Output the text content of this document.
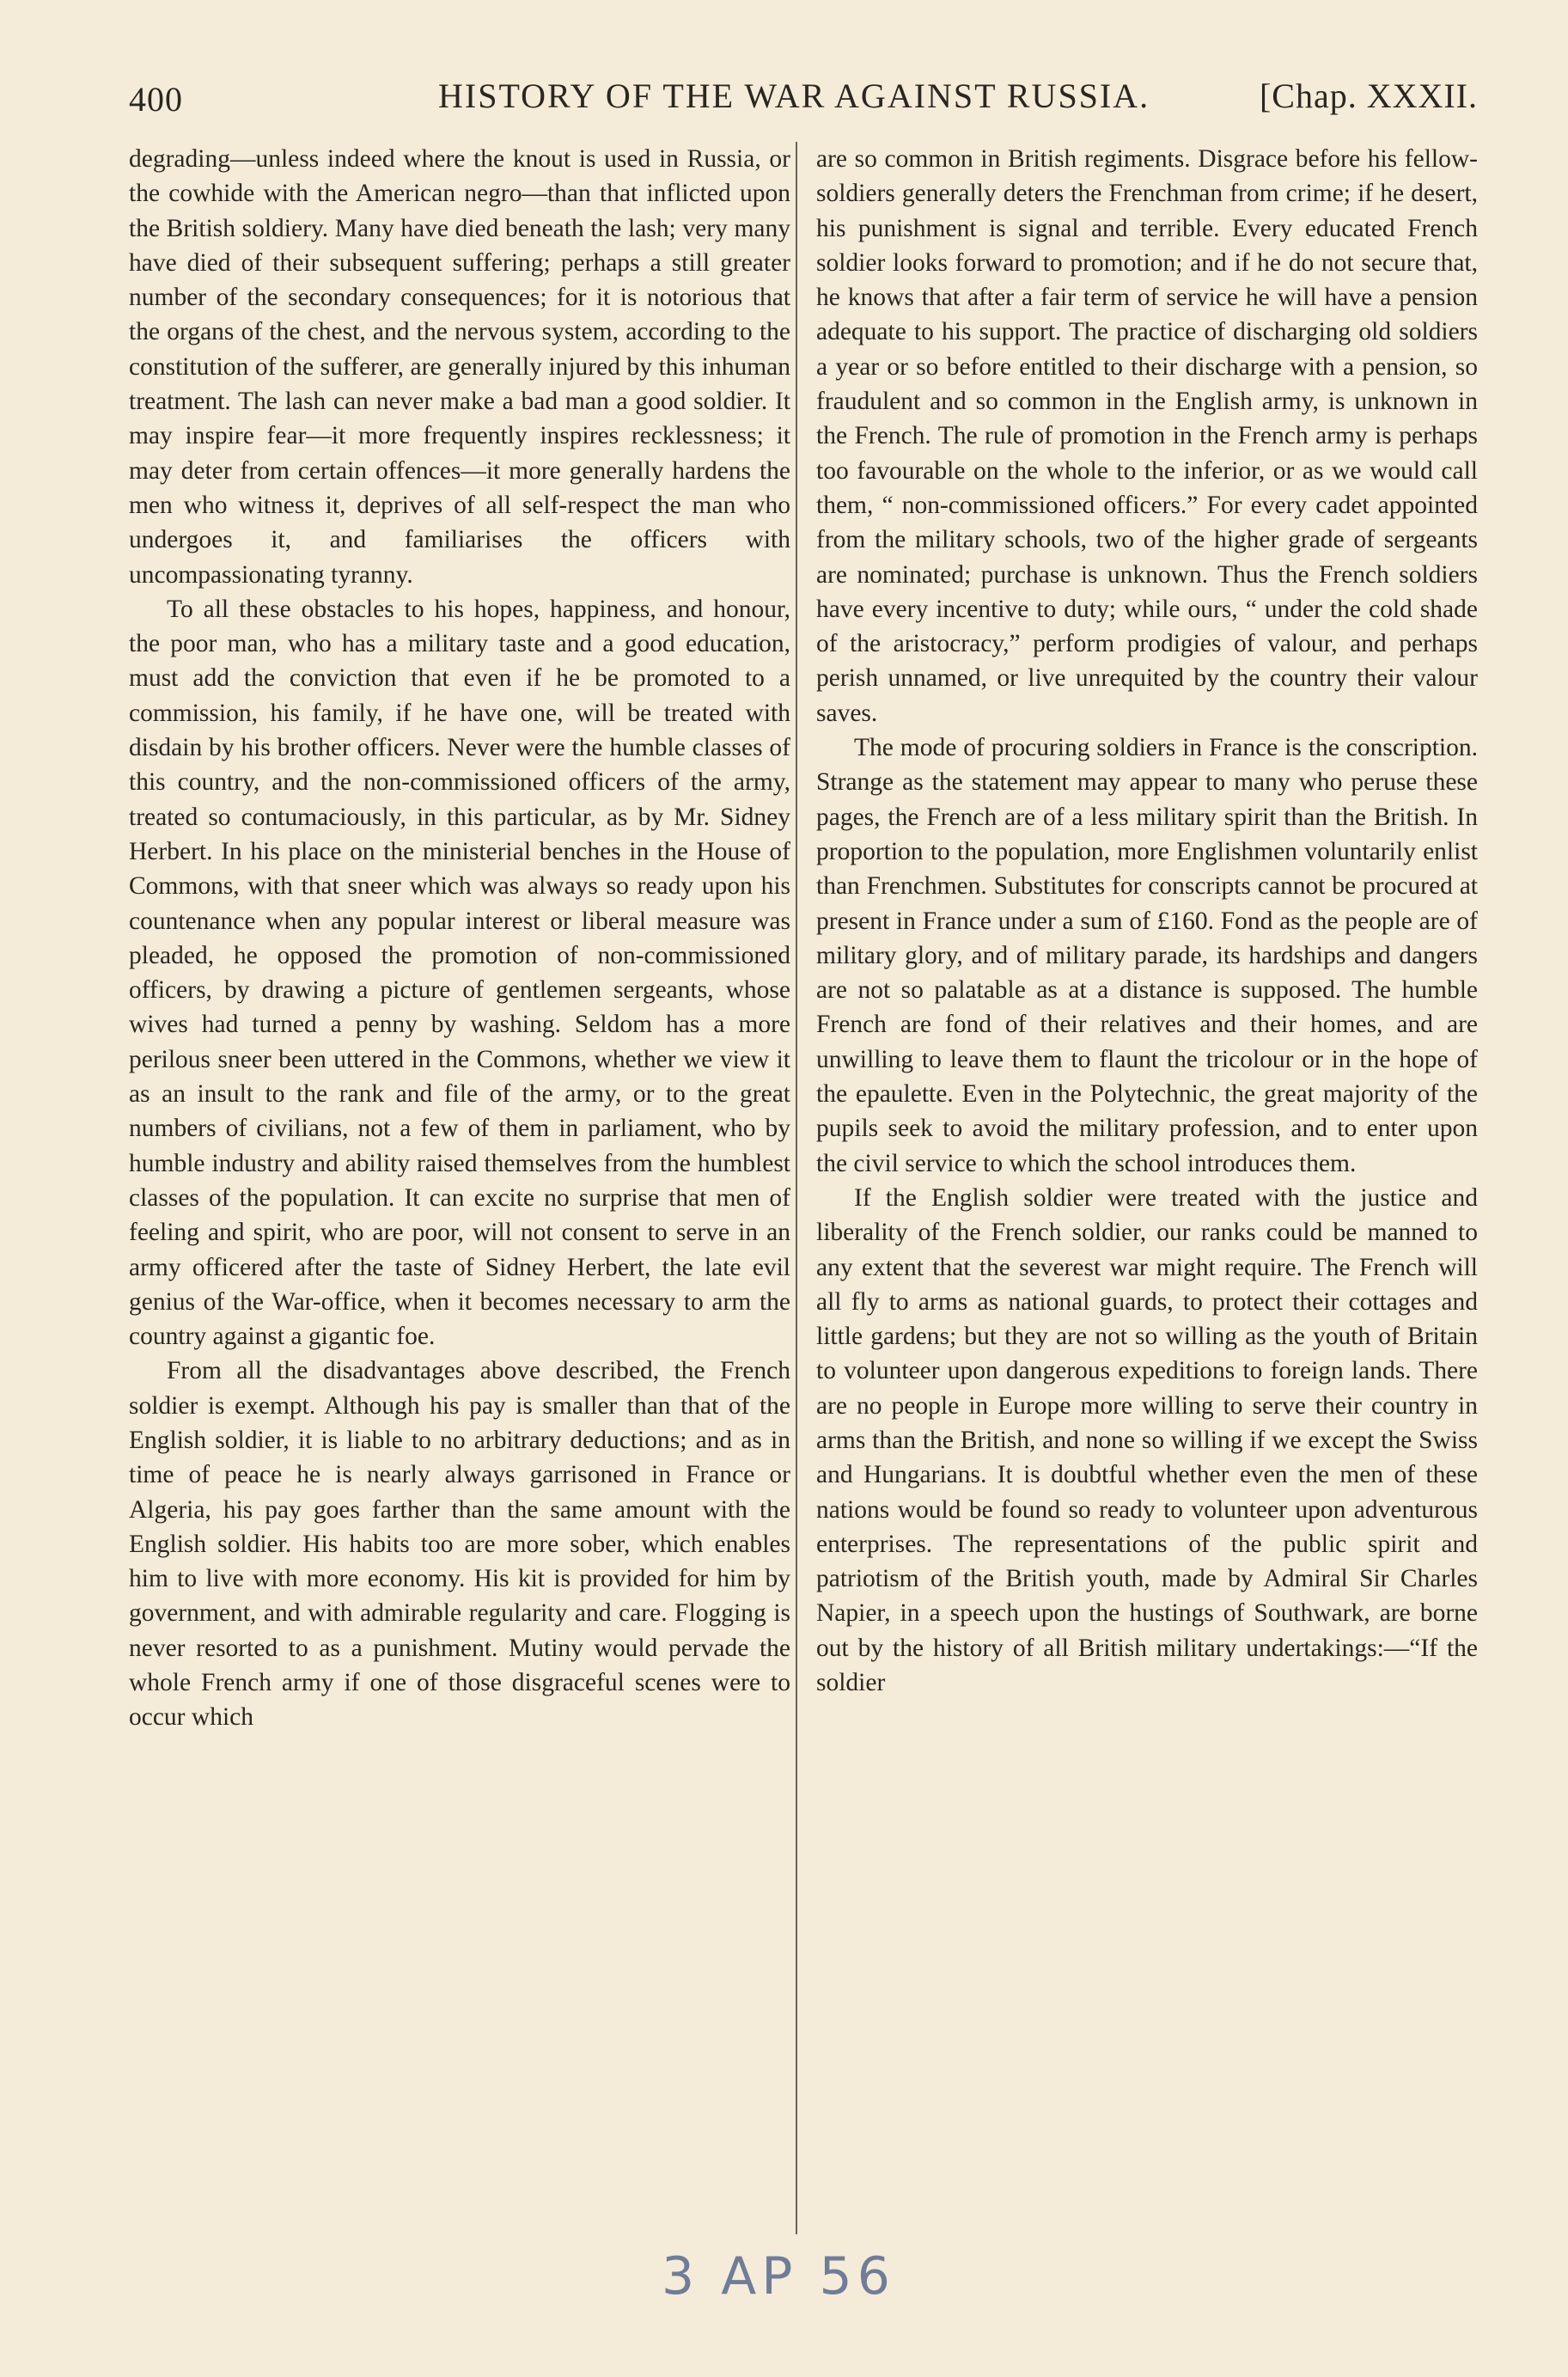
400	HISTORY OF THE WAR AGAINST RUSSIA.	[Chap. XXXII.

degrading—unless indeed where the knout is used in Russia, or the cowhide with the American negro—than that inflicted upon the British soldiery. Many have died beneath the lash; very many have died of their subsequent suffering; perhaps a still greater number of the secondary consequences; for it is notorious that the organs of the chest, and the nervous system, according to the constitution of the sufferer, are generally injured by this inhuman treatment. The lash can never make a bad man a good soldier. It may inspire fear—it more frequently inspires recklessness; it may deter from certain offences—it more generally hardens the men who witness it, deprives of all self-respect the man who undergoes it, and familiarises the officers with uncompassionating tyranny.

To all these obstacles to his hopes, happiness, and honour, the poor man, who has a military taste and a good education, must add the conviction that even if he be promoted to a commission, his family, if he have one, will be treated with disdain by his brother officers. Never were the humble classes of this country, and the non-commissioned officers of the army, treated so contumaciously, in this particular, as by Mr. Sidney Herbert. In his place on the ministerial benches in the House of Commons, with that sneer which was always so ready upon his countenance when any popular interest or liberal measure was pleaded, he opposed the promotion of non-commissioned officers, by drawing a picture of gentlemen sergeants, whose wives had turned a penny by washing. Seldom has a more perilous sneer been uttered in the Commons, whether we view it as an insult to the rank and file of the army, or to the great numbers of civilians, not a few of them in parliament, who by humble industry and ability raised themselves from the humblest classes of the population. It can excite no surprise that men of feeling and spirit, who are poor, will not consent to serve in an army officered after the taste of Sidney Herbert, the late evil genius of the War-office, when it becomes necessary to arm the country against a gigantic foe.

From all the disadvantages above described, the French soldier is exempt. Although his pay is smaller than that of the English soldier, it is liable to no arbitrary deductions; and as in time of peace he is nearly always garrisoned in France or Algeria, his pay goes farther than the same amount with the English soldier. His habits too are more sober, which enables him to live with more economy. His kit is provided for him by government, and with admirable regularity and care. Flogging is never resorted to as a punishment. Mutiny would pervade the whole French army if one of those disgraceful scenes were to occur which

are so common in British regiments. Disgrace before his fellow-soldiers generally deters the Frenchman from crime; if he desert, his punishment is signal and terrible. Every educated French soldier looks forward to promotion; and if he do not secure that, he knows that after a fair term of service he will have a pension adequate to his support. The practice of discharging old soldiers a year or so before entitled to their discharge with a pension, so fraudulent and so common in the English army, is unknown in the French. The rule of promotion in the French army is perhaps too favourable on the whole to the inferior, or as we would call them, “ non-commissioned officers.” For every cadet appointed from the military schools, two of the higher grade of sergeants are nominated; purchase is unknown. Thus the French soldiers have every incentive to duty; while ours, “ under the cold shade of the aristocracy,” perform prodigies of valour, and perhaps perish unnamed, or live unrequited by the country their valour saves.

The mode of procuring soldiers in France is the conscription. Strange as the statement may appear to many who peruse these pages, the French are of a less military spirit than the British. In proportion to the population, more Englishmen voluntarily enlist than Frenchmen. Substitutes for conscripts cannot be procured at present in France under a sum of £160. Fond as the people are of military glory, and of military parade, its hardships and dangers are not so palatable as at a distance is supposed. The humble French are fond of their relatives and their homes, and are unwilling to leave them to flaunt the tricolour or in the hope of the epaulette. Even in the Polytechnic, the great majority of the pupils seek to avoid the military profession, and to enter upon the civil service to which the school introduces them.

If the English soldier were treated with the justice and liberality of the French soldier, our ranks could be manned to any extent that the severest war might require. The French will all fly to arms as national guards, to protect their cottages and little gardens; but they are not so willing as the youth of Britain to volunteer upon dangerous expeditions to foreign lands. There are no people in Europe more willing to serve their country in arms than the British, and none so willing if we except the Swiss and Hungarians. It is doubtful whether even the men of these nations would be found so ready to volunteer upon adventurous enterprises. The representations of the public spirit and patriotism of the British youth, made by Admiral Sir Charles Napier, in a speech upon the hustings of Southwark, are borne out by the history of all British military undertakings:—“If the soldier

3 AP 56
